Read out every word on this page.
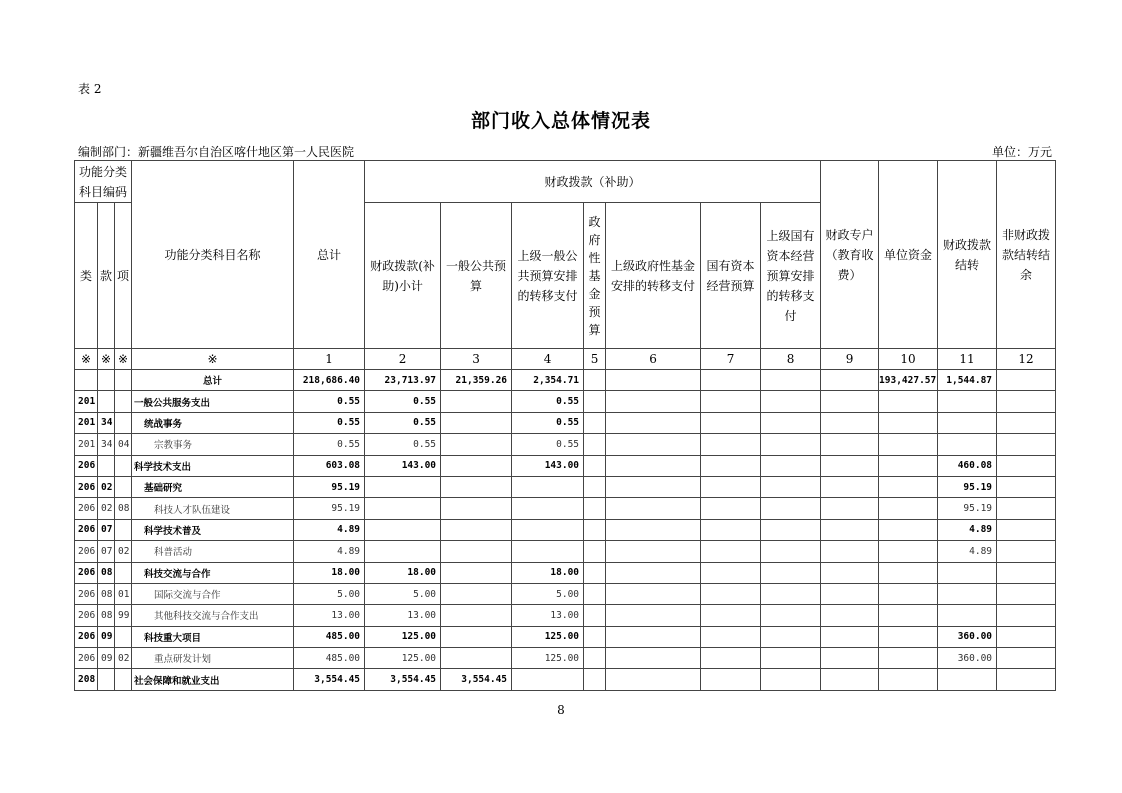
表 2
部门收入总体情况表
编制部门：新疆维吾尔自治区喀什地区第一人民医院	单位：万元
功能分类科目编码			功能分类科目名称	总计	财政拨款（补助）							财政专户（教育收费）	单位资金	财政拨款结转	非财政拨款结转结余
类	款	项			财政拨款(补助)小计	一般公共预算	上级一般公共预算安排的转移支付	政府性基金预算	上级政府性基金安排的转移支付	国有资本经营预算	上级国有资本经营预算安排的转移支付				
※	※	※	※	1	2	3	4	5	6	7	8	9	10	11	12
			总计	218,686.40	23,713.97	21,359.26	2,354.71						193,427.57	1,544.87	
201			一般公共服务支出	0.55	0.55		0.55								
201	34		统战事务	0.55	0.55		0.55								
201	34	04	宗教事务	0.55	0.55		0.55								
206			科学技术支出	603.08	143.00		143.00							460.08	
206	02		基础研究	95.19										95.19	
206	02	08	科技人才队伍建设	95.19										95.19	
206	07		科学技术普及	4.89										4.89	
206	07	02	科普活动	4.89										4.89	
206	08		科技交流与合作	18.00	18.00		18.00								
206	08	01	国际交流与合作	5.00	5.00		5.00								
206	08	99	其他科技交流与合作支出	13.00	13.00		13.00								
206	09		科技重大项目	485.00	125.00		125.00							360.00	
206	09	02	重点研发计划	485.00	125.00		125.00							360.00	
208			社会保障和就业支出	3,554.45	3,554.45	3,554.45									
8
